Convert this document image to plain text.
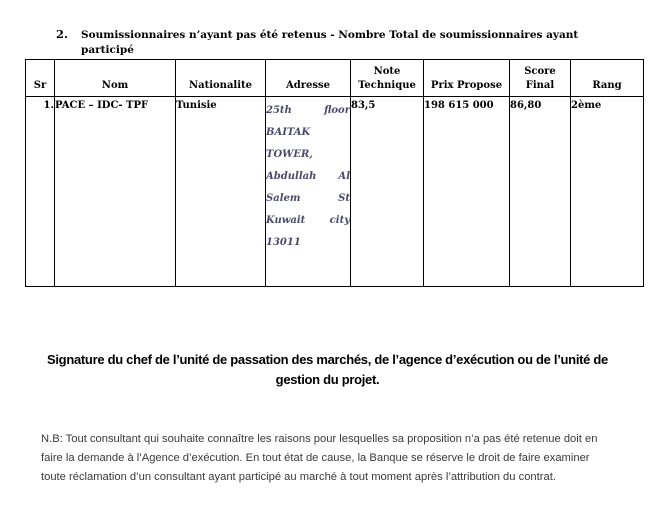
2. Soumissionnaires n’ayant pas été retenus - Nombre Total de soumissionnaires ayant participé
Sr	Nom	Nationalite	Adresse	Note Technique	Prix Propose	Score Final	Rang
1.	PACE – IDC- TPF	Tunisie	25th floor BAITAK TOWER, Abdullah Al Salem St Kuwait city 13011	83,5	198 615 000	86,80	2ème
Signature du chef de l’unité de passation des marchés, de l’agence d’exécution ou de l’unité de gestion du projet.
N.B: Tout consultant qui souhaite connaître les raisons pour lesquelles sa proposition n’a pas été retenue doit en faire la demande à l’Agence d’exécution. En tout état de cause, la Banque se réserve le droit de faire examiner toute réclamation d’un consultant ayant participé au marché à tout moment après l’attribution du contrat.
